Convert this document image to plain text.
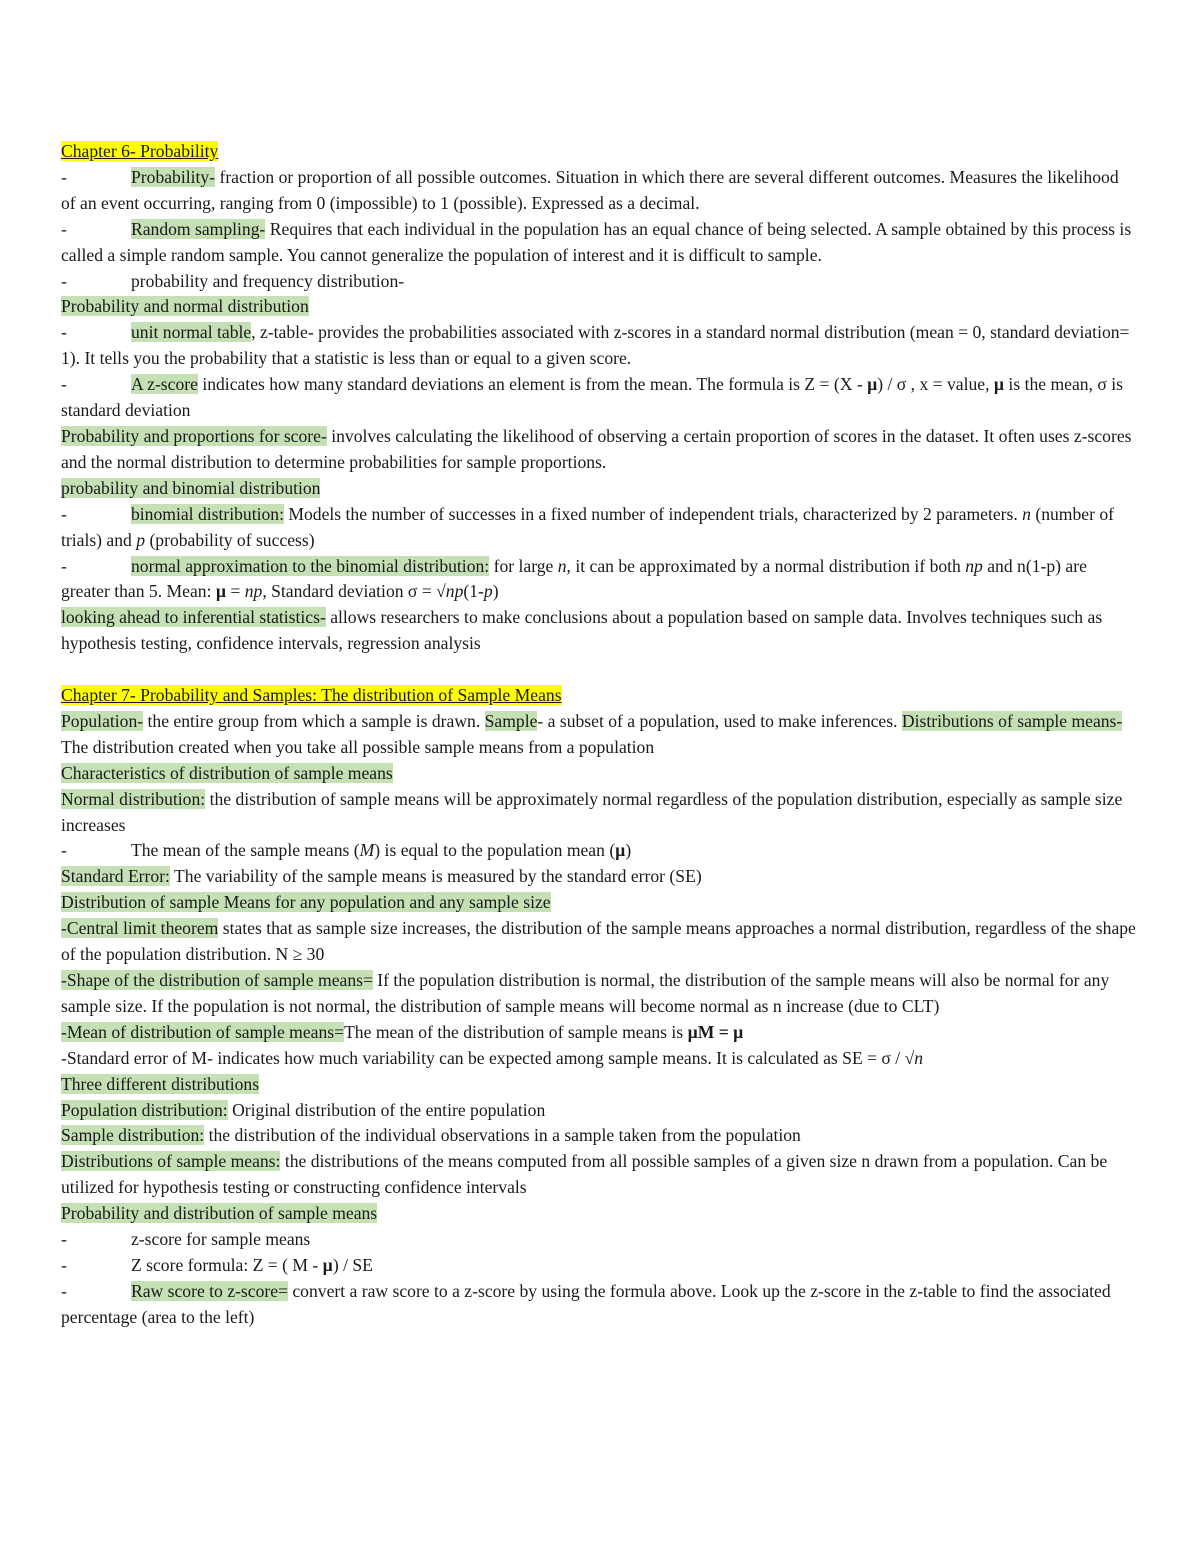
Chapter 6- Probability

-	Probability- fraction or proportion of all possible outcomes. Situation in which there are several different outcomes. Measures the likelihood of an event occurring, ranging from 0 (impossible) to 1 (possible). Expressed as a decimal.

-	Random sampling- Requires that each individual in the population has an equal chance of being selected. A sample obtained by this process is called a simple random sample. You cannot generalize the population of interest and it is difficult to sample.

-	probability and frequency distribution-

Probability and normal distribution

-	unit normal table, z-table- provides the probabilities associated with z-scores in a standard normal distribution (mean = 0, standard deviation= 1). It tells you the probability that a statistic is less than or equal to a given score.

-	A z-score indicates how many standard deviations an element is from the mean. The formula is Z = (X - µ) / σ , x = value, µ is the mean, σ is standard deviation

Probability and proportions for score- involves calculating the likelihood of observing a certain proportion of scores in the dataset. It often uses z-scores and the normal distribution to determine probabilities for sample proportions.

probability and binomial distribution

-	binomial distribution: Models the number of successes in a fixed number of independent trials, characterized by 2 parameters. n (number of trials) and p (probability of success)

-	normal approximation to the binomial distribution: for large n, it can be approximated by a normal distribution if both np and n(1-p) are greater than 5. Mean: µ = np, Standard deviation σ = √np(1-p)

looking ahead to inferential statistics- allows researchers to make conclusions about a population based on sample data. Involves techniques such as hypothesis testing, confidence intervals, regression analysis

Chapter 7- Probability and Samples: The distribution of Sample Means

Population- the entire group from which a sample is drawn. Sample- a subset of a population, used to make inferences. Distributions of sample means- The distribution created when you take all possible sample means from a population

Characteristics of distribution of sample means

Normal distribution: the distribution of sample means will be approximately normal regardless of the population distribution, especially as sample size increases

-	The mean of the sample means (M) is equal to the population mean (µ)

Standard Error: The variability of the sample means is measured by the standard error (SE)

Distribution of sample Means for any population and any sample size

-Central limit theorem states that as sample size increases, the distribution of the sample means approaches a normal distribution, regardless of the shape of the population distribution. N ≥ 30

-Shape of the distribution of sample means= If the population distribution is normal, the distribution of the sample means will also be normal for any sample size. If the population is not normal, the distribution of sample means will become normal as n increase (due to CLT)

-Mean of distribution of sample means=The mean of the distribution of sample means is µM = µ

-Standard error of M- indicates how much variability can be expected among sample means. It is calculated as SE = σ / √n

Three different distributions

Population distribution: Original distribution of the entire population

Sample distribution: the distribution of the individual observations in a sample taken from the population

Distributions of sample means: the distributions of the means computed from all possible samples of a given size n drawn from a population. Can be utilized for hypothesis testing or constructing confidence intervals

Probability and distribution of sample means

-	z-score for sample means

-	Z score formula: Z = ( M - µ) / SE

-	Raw score to z-score= convert a raw score to a z-score by using the formula above. Look up the z-score in the z-table to find the associated percentage (area to the left)
